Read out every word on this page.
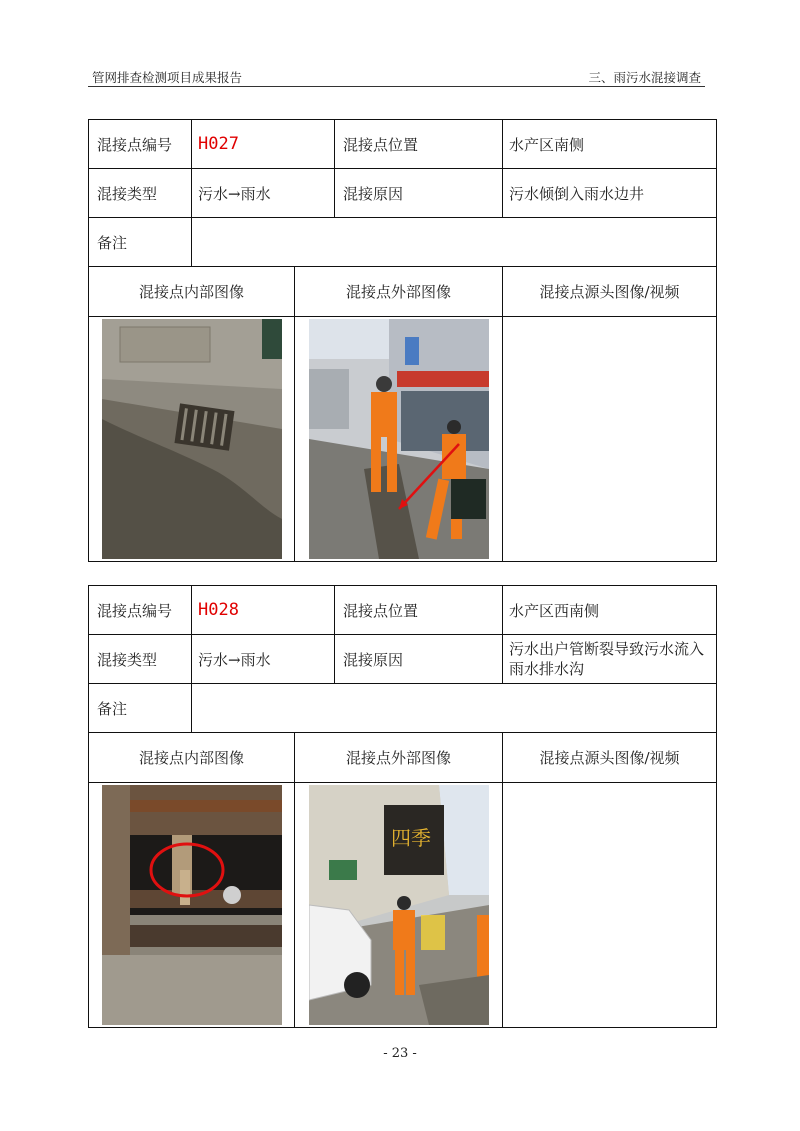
管网排查检测项目成果报告	三、雨污水混接调查
混接点编号	H027		混接点位置	水产区南侧
混接类型	污水→雨水		混接原因	污水倾倒入雨水边井
备注				
混接点内部图像		混接点外部图像		混接点源头图像/视频

混接点编号	H028		混接点位置	水产区西南侧
混接类型	污水→雨水		混接原因	污水出户管断裂导致污水流入雨水排水沟
备注				
混接点内部图像		混接点外部图像		混接点源头图像/视频

四季		

- 23 -
